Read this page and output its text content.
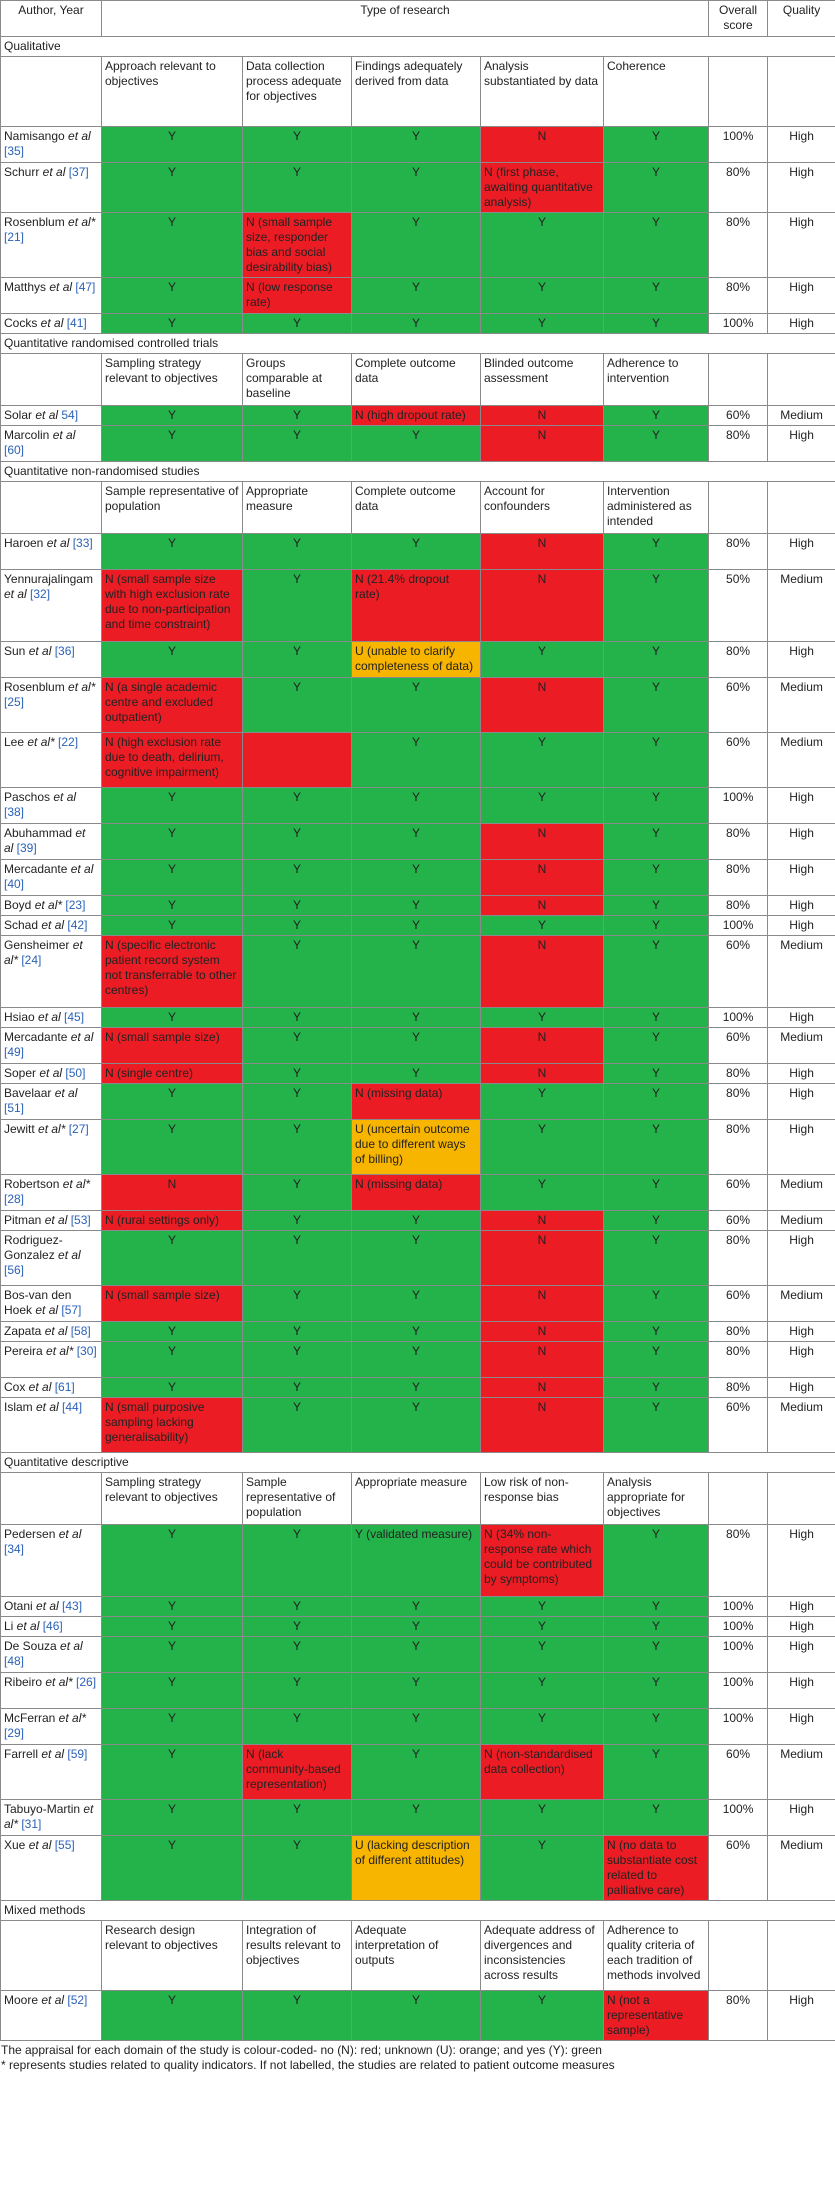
Author, Year	Type of research					Overall score	Quality
Qualitative							
	Approach relevant to objectives	Data collection process adequate for objectives	Findings adequately derived from data	Analysis substantiated by data	Coherence		
Namisango et al [35]	Y	Y	Y	N	Y	100%	High
Schurr et al [37]	Y	Y	Y	N (first phase, awaiting quantitative analysis)	Y	80%	High
Rosenblum et al* [21]	Y	N (small sample size, responder bias and social desirability bias)	Y	Y	Y	80%	High
Matthys et al [47]	Y	N (low response rate)	Y	Y	Y	80%	High
Cocks et al [41]	Y	Y	Y	Y	Y	100%	High
Quantitative randomised controlled trials							
	Sampling strategy relevant to objectives	Groups comparable at baseline	Complete outcome data	Blinded outcome assessment	Adherence to intervention		
Solar et al 54]	Y	Y	N (high dropout rate)	N	Y	60%	Medium
Marcolin et al [60]	Y	Y	Y	N	Y	80%	High
Quantitative non-randomised studies							
	Sample representative of population	Appropriate measure	Complete outcome data	Account for confounders	Intervention administered as intended		
Haroen et al [33]	Y	Y	Y	N	Y	80%	High
Yennurajalingam et al [32]	N (small sample size with high exclusion rate due to non-participation and time constraint)	Y	N (21.4% dropout rate)	N	Y	50%	Medium
Sun et al [36]	Y	Y	U (unable to clarify completeness of data)	Y	Y	80%	High
Rosenblum et al* [25]	N (a single academic centre and excluded outpatient)	Y	Y	N	Y	60%	Medium
Lee et al* [22]	N (high exclusion rate due to death, delirium, cognitive impairment)		Y	Y	Y	60%	Medium
Paschos et al [38]	Y	Y	Y	Y	Y	100%	High
Abuhammad et al [39]	Y	Y	Y	N	Y	80%	High
Mercadante et al [40]	Y	Y	Y	N	Y	80%	High
Boyd et al* [23]	Y	Y	Y	N	Y	80%	High
Schad et al [42]	Y	Y	Y	Y	Y	100%	High
Gensheimer et al* [24]	N (specific electronic patient record system not transferrable to other centres)	Y	Y	N	Y	60%	Medium
Hsiao et al [45]	Y	Y	Y	Y	Y	100%	High
Mercadante et al [49]	N (small sample size)	Y	Y	N	Y	60%	Medium
Soper et al [50]	N (single centre)	Y	Y	N	Y	80%	High
Bavelaar et al [51]	Y	Y	N (missing data)	Y	Y	80%	High
Jewitt et al* [27]	Y	Y	U (uncertain outcome due to different ways of billing)	Y	Y	80%	High
Robertson et al* [28]	N	Y	N (missing data)	Y	Y	60%	Medium
Pitman et al [53]	N (rural settings only)	Y	Y	N	Y	60%	Medium
Rodriguez-Gonzalez et al [56]	Y	Y	Y	N	Y	80%	High
Bos-van den Hoek et al [57]	N (small sample size)	Y	Y	N	Y	60%	Medium
Zapata et al [58]	Y	Y	Y	N	Y	80%	High
Pereira et al* [30]	Y	Y	Y	N	Y	80%	High
Cox et al [61]	Y	Y	Y	N	Y	80%	High
Islam et al [44]	N (small purposive sampling lacking generalisability)	Y	Y	N	Y	60%	Medium
Quantitative descriptive							
	Sampling strategy relevant to objectives	Sample representative of population	Appropriate measure	Low risk of non-response bias	Analysis appropriate for objectives		
Pedersen et al [34]	Y	Y	Y (validated measure)	N (34% non-response rate which could be contributed by symptoms)	Y	80%	High
Otani et al [43]	Y	Y	Y	Y	Y	100%	High
Li et al [46]	Y	Y	Y	Y	Y	100%	High
De Souza et al [48]	Y	Y	Y	Y	Y	100%	High
Ribeiro et al* [26]	Y	Y	Y	Y	Y	100%	High
McFerran et al* [29]	Y	Y	Y	Y	Y	100%	High
Farrell et al [59]	Y	N (lack community-based representation)	Y	N (non-standardised data collection)	Y	60%	Medium
Tabuyo-Martin et al* [31]	Y	Y	Y	Y	Y	100%	High
Xue et al [55]	Y	Y	U (lacking description of different attitudes)	Y	N (no data to substantiate cost related to palliative care)	60%	Medium
Mixed methods							
	Research design relevant to objectives	Integration of results relevant to objectives	Adequate interpretation of outputs	Adequate address of divergences and inconsistencies across results	Adherence to quality criteria of each tradition of methods involved		
Moore et al [52]	Y	Y	Y	Y	N (not a representative sample)	80%	High
The appraisal for each domain of the study is colour-coded- no (N): red; unknown (U): orange; and yes (Y): green
* represents studies related to quality indicators. If not labelled, the studies are related to patient outcome measures
